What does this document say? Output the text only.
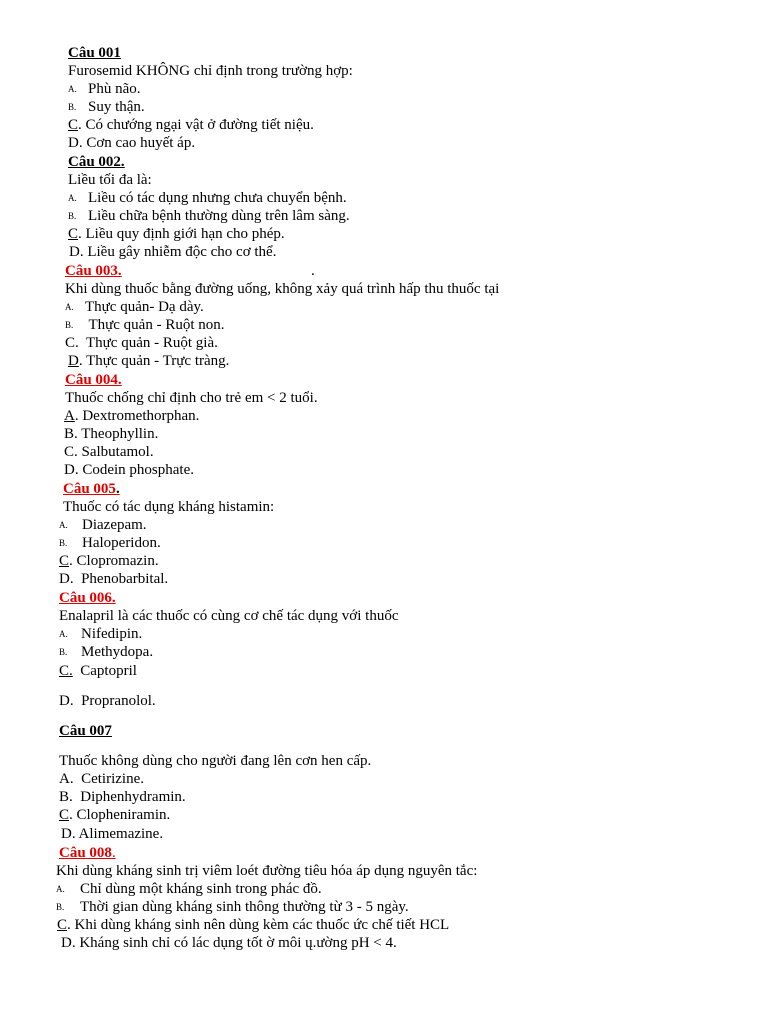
Câu 001
Furosemid KHÔNG chỉ định trong trường hợp:
A. Phù não.
B. Suy thận.
C. Có chướng ngại vật ở đường tiết niệu.
D. Cơn cao huyết áp.
Câu 002.
Liều tối đa là:
A. Liều có tác dụng nhưng chưa chuyển bệnh.
B. Liều chữa bệnh thường dùng trên lâm sàng.
C. Liều quy định giới hạn cho phép.
D. Liều gây nhiễm độc cho cơ thể.
Câu 003.	.
Khi dùng thuốc bằng đường uống, không xảy quá trình hấp thu thuốc tại
A. Thực quản- Dạ dày.
B. Thực quản - Ruột non.
C. Thực quản - Ruột già.
D. Thực quản - Trực tràng.
Câu 004.
Thuốc chống chỉ định cho trẻ em < 2 tuổi.
A. Dextromethorphan.
B. Theophyllin.
C. Salbutamol.
D. Codein phosphate.
Câu 005.
Thuốc có tác dụng kháng histamin:
A. Diazepam.
B. Haloperidon.
C. Clopromazin.
D. Phenobarbital.
Câu 006.
Enalapril là các thuốc có cùng cơ chế tác dụng với thuốc
A. Nifedipin.
B. Methydopa.
C. Captopril
D. Propranolol.
Câu 007
Thuốc không dùng cho người đang lên cơn hen cấp.
A. Cetirizine.
B. Diphenhydramin.
C. Clopheniramin.
D. Alimemazine.
Câu 008.
Khi dùng kháng sinh trị viêm loét đường tiêu hóa áp dụng nguyên tắc:
A. Chỉ dùng một kháng sinh trong phác đồ.
B. Thời gian dùng kháng sinh thông thường từ 3 - 5 ngày.
C. Khi dùng kháng sinh nên dùng kèm các thuốc ức chế tiết HCL
D. Kháng sinh chỉ có lác dụng tốt ờ môi ų.ường pH < 4.
